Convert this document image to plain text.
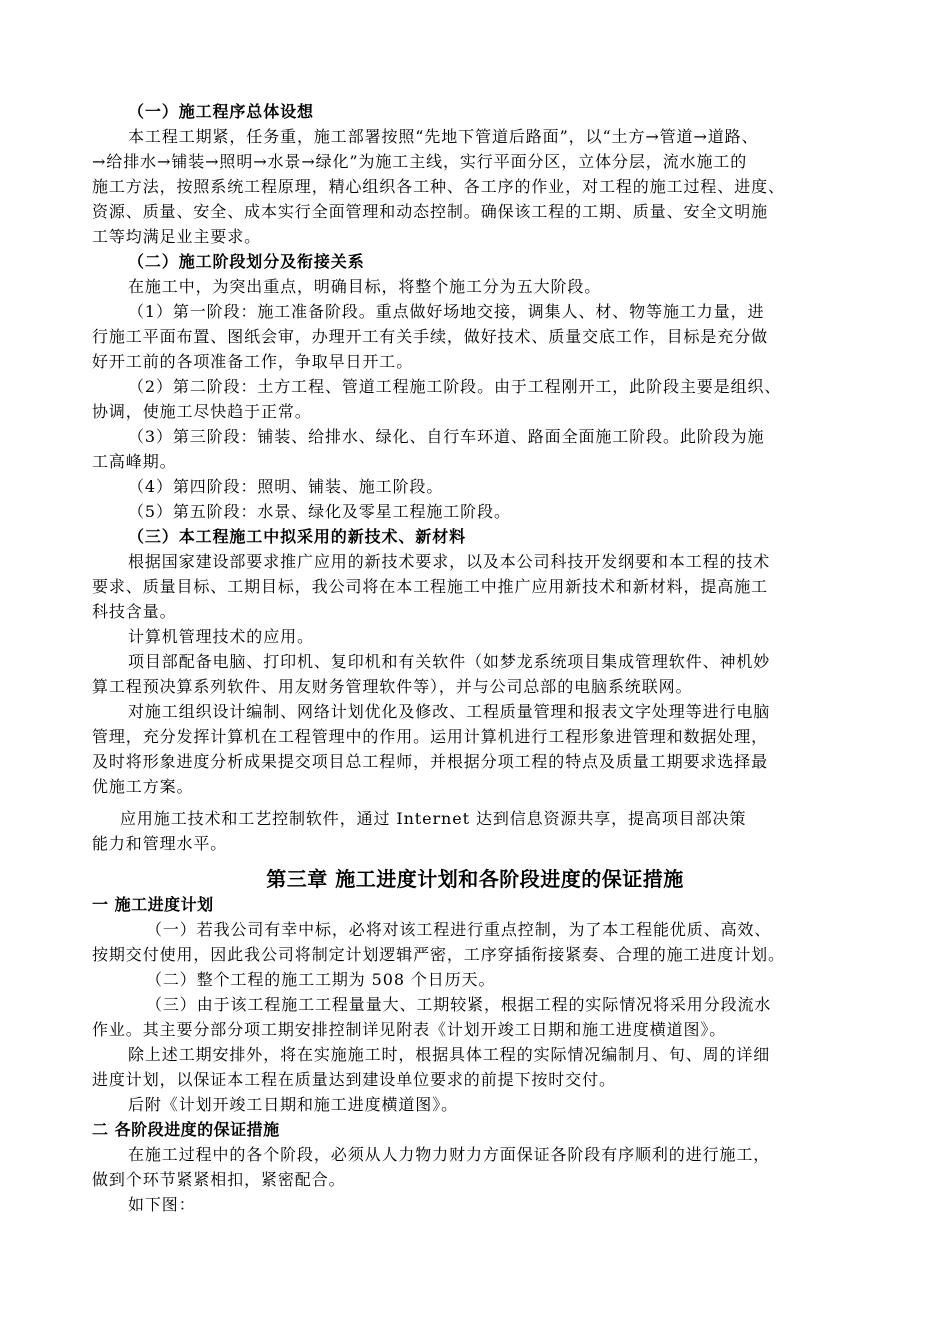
（一）施工程序总体设想
本工程工期紧，任务重，施工部署按照“先地下管道后路面”，以“土方→管道→道路、
→给排水→铺装→照明→水景→绿化”为施工主线，实行平面分区，立体分层，流水施工的
施工方法，按照系统工程原理，精心组织各工种、各工序的作业，对工程的施工过程、进度、
资源、质量、安全、成本实行全面管理和动态控制。确保该工程的工期、质量、安全文明施
工等均满足业主要求。
（二）施工阶段划分及衔接关系
在施工中，为突出重点，明确目标，将整个施工分为五大阶段。
（1）第一阶段：施工准备阶段。重点做好场地交接，调集人、材、物等施工力量，进
行施工平面布置、图纸会审，办理开工有关手续，做好技术、质量交底工作，目标是充分做
好开工前的各项准备工作，争取早日开工。
（2）第二阶段：土方工程、管道工程施工阶段。由于工程刚开工，此阶段主要是组织、
协调，使施工尽快趋于正常。
（3）第三阶段：铺装、给排水、绿化、自行车环道、路面全面施工阶段。此阶段为施
工高峰期。
（4）第四阶段：照明、铺装、施工阶段。
（5）第五阶段：水景、绿化及零星工程施工阶段。
（三）本工程施工中拟采用的新技术、新材料
根据国家建设部要求推广应用的新技术要求，以及本公司科技开发纲要和本工程的技术
要求、质量目标、工期目标，我公司将在本工程施工中推广应用新技术和新材料，提高施工
科技含量。
计算机管理技术的应用。
项目部配备电脑、打印机、复印机和有关软件（如梦龙系统项目集成管理软件、神机妙
算工程预决算系列软件、用友财务管理软件等），并与公司总部的电脑系统联网。
对施工组织设计编制、网络计划优化及修改、工程质量管理和报表文字处理等进行电脑
管理，充分发挥计算机在工程管理中的作用。运用计算机进行工程形象进管理和数据处理，
及时将形象进度分析成果提交项目总工程师，并根据分项工程的特点及质量工期要求选择最
优施工方案。
应用施工技术和工艺控制软件，通过 Internet 达到信息资源共享，提高项目部决策
能力和管理水平。
第三章 施工进度计划和各阶段进度的保证措施
一 施工进度计划
（一）若我公司有幸中标，必将对该工程进行重点控制，为了本工程能优质、高效、
按期交付使用，因此我公司将制定计划逻辑严密，工序穿插衔接紧奏、合理的施工进度计划。
（二）整个工程的施工工期为 508 个日历天。
（三）由于该工程施工工程量量大、工期较紧，根据工程的实际情况将采用分段流水
作业。其主要分部分项工期安排控制详见附表《计划开竣工日期和施工进度横道图》。
除上述工期安排外，将在实施施工时，根据具体工程的实际情况编制月、旬、周的详细
进度计划，以保证本工程在质量达到建设单位要求的前提下按时交付。
后附《计划开竣工日期和施工进度横道图》。
二 各阶段进度的保证措施
在施工过程中的各个阶段，必须从人力物力财力方面保证各阶段有序顺利的进行施工，
做到个环节紧紧相扣，紧密配合。
如下图：
